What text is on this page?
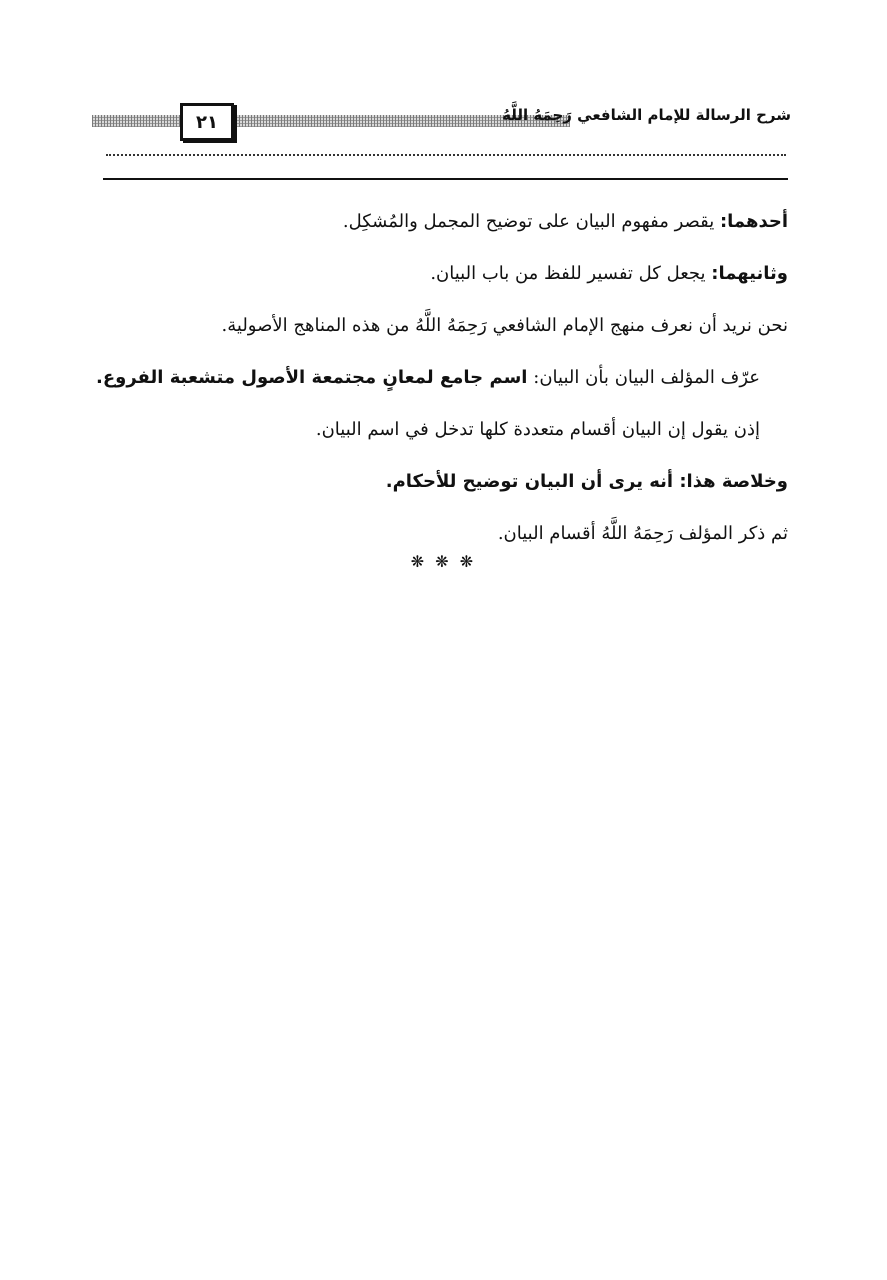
٢١	شرح الرسالة للإمام الشافعي رَحِمَهُ اللَّهُ

أحدهما: يقصر مفهوم البيان على توضيح المجمل والمُشكِل.

وثانيهما: يجعل كل تفسير للفظ من باب البيان.

نحن نريد أن نعرف منهج الإمام الشافعي رَحِمَهُ اللَّهُ من هذه المناهج الأصولية.

عرّف المؤلف البيان بأن البيان: اسم جامع لمعانٍ مجتمعة الأصول متشعبة الفروع. إذن يقول إن البيان أقسام متعددة كلها تدخل في اسم البيان.

وخلاصة هذا: أنه يرى أن البيان توضيح للأحكام.

ثم ذكر المؤلف رَحِمَهُ اللَّهُ أقسام البيان.

❋ ❋ ❋
